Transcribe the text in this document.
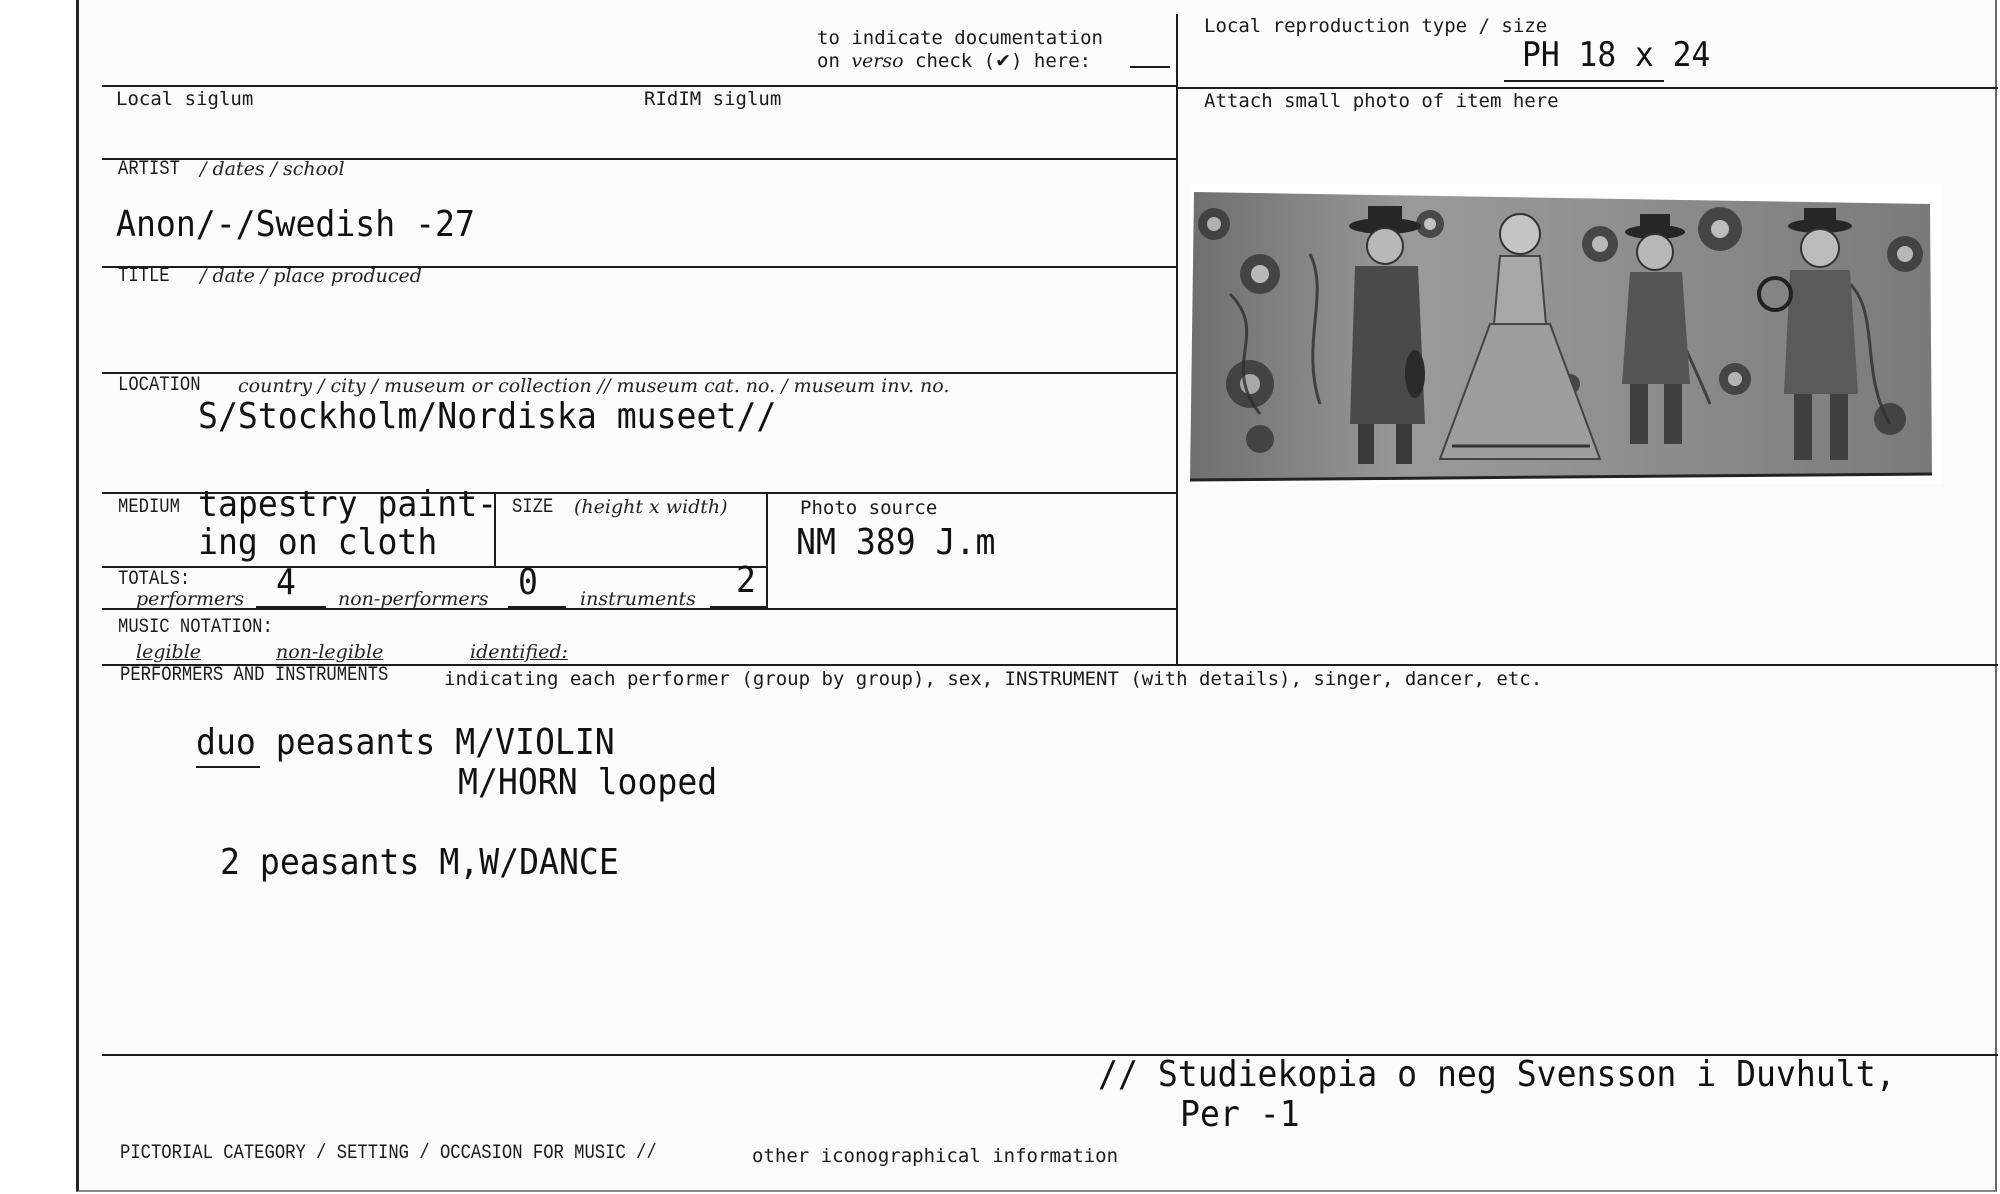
to indicate documentation
on verso check (✔) here:
Local reproduction type / size
PH 18 x 24
Local siglum	RIdIM siglum	Attach small photo of item here
ARTIST / dates / school
Anon/-/Swedish -27
TITLE / date / place produced
LOCATION country / city / museum or collection // museum cat. no. / museum inv. no.
S/Stockholm/Nordiska museet//
MEDIUM tapestry paint-
ing on cloth
SIZE (height x width)	Photo source
NM 389 J.m
TOTALS:
performers 4 non-performers 0 instruments 2
MUSIC NOTATION:
legible	non-legible	identified:
PERFORMERS AND INSTRUMENTS	indicating each performer (group by group), sex, INSTRUMENT (with details), singer, dancer, etc.
duo peasants M/VIOLIN
M/HORN looped
2 peasants M,W/DANCE
// Studiekopia o neg Svensson i Duvhult,
Per -1
PICTORIAL CATEGORY / SETTING / OCCASION FOR MUSIC //	other iconographical information
